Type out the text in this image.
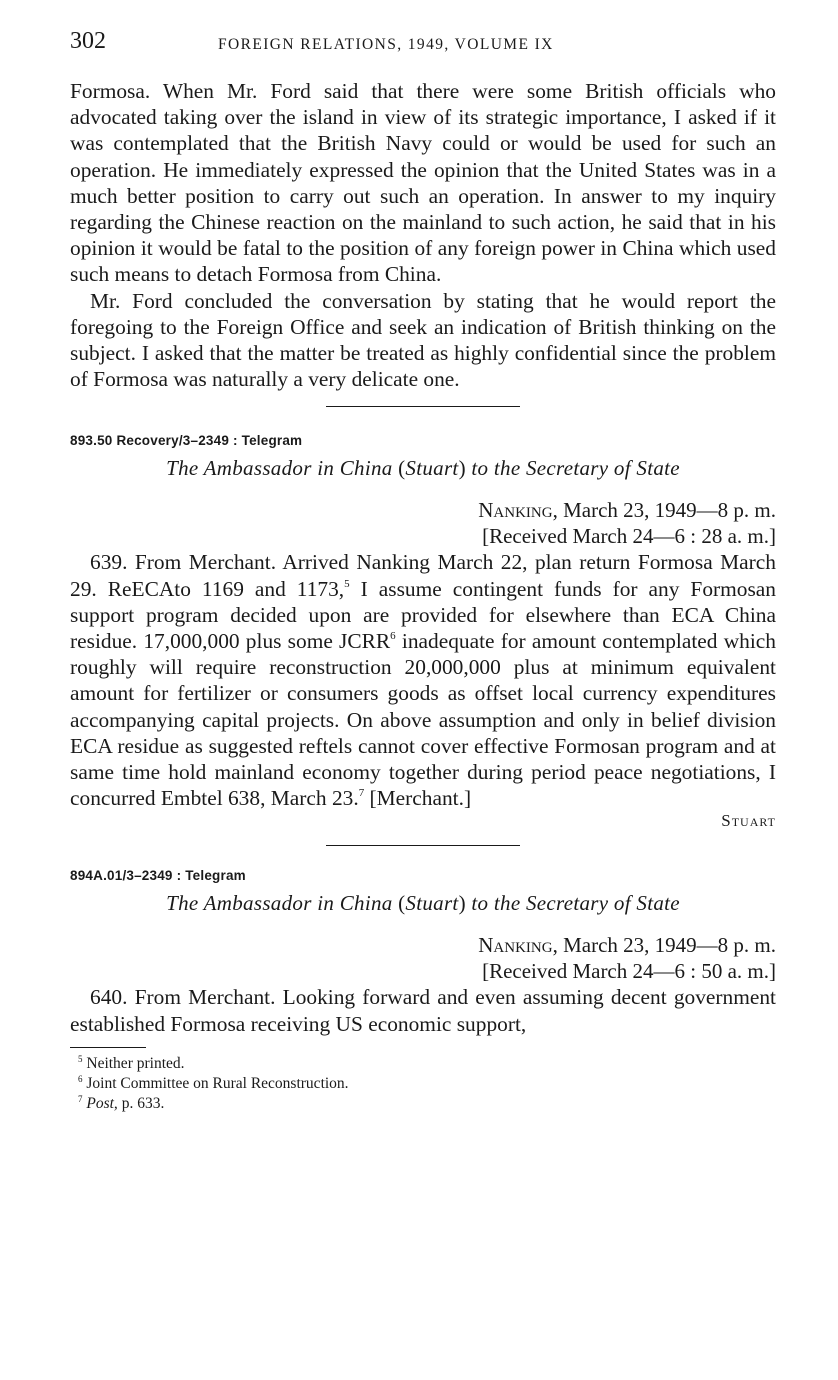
302	FOREIGN RELATIONS, 1949, VOLUME IX

Formosa. When Mr. Ford said that there were some British officials who advocated taking over the island in view of its strategic importance, I asked if it was contemplated that the British Navy could or would be used for such an operation. He immediately expressed the opinion that the United States was in a much better position to carry out such an operation. In answer to my inquiry regarding the Chinese reaction on the mainland to such action, he said that in his opinion it would be fatal to the position of any foreign power in China which used such means to detach Formosa from China.

Mr. Ford concluded the conversation by stating that he would report the foregoing to the Foreign Office and seek an indication of British thinking on the subject. I asked that the matter be treated as highly confidential since the problem of Formosa was naturally a very delicate one.

893.50 Recovery/3–2349 : Telegram

The Ambassador in China (Stuart) to the Secretary of State

Nanking, March 23, 1949—8 p. m.

[Received March 24—6 : 28 a. m.]

639. From Merchant. Arrived Nanking March 22, plan return Formosa March 29. ReECAto 1169 and 1173,$^5$ I assume contingent funds for any Formosan support program decided upon are provided for elsewhere than ECA China residue. 17,000,000 plus some JCRR$^6$ inadequate for amount contemplated which roughly will require reconstruction 20,000,000 plus at minimum equivalent amount for fertilizer or consumers goods as offset local currency expenditures accompanying capital projects. On above assumption and only in belief division ECA residue as suggested reftels cannot cover effective Formosan program and at same time hold mainland economy together during period peace negotiations, I concurred Embtel 638, March 23.$^7$ [Merchant.]

Stuart

894A.01/3–2349 : Telegram

The Ambassador in China (Stuart) to the Secretary of State

Nanking, March 23, 1949—8 p. m.

[Received March 24—6 : 50 a. m.]

640. From Merchant. Looking forward and even assuming decent government established Formosa receiving US economic support,

$^5$ Neither printed.

$^6$ Joint Committee on Rural Reconstruction.

$^7$ Post, p. 633.
